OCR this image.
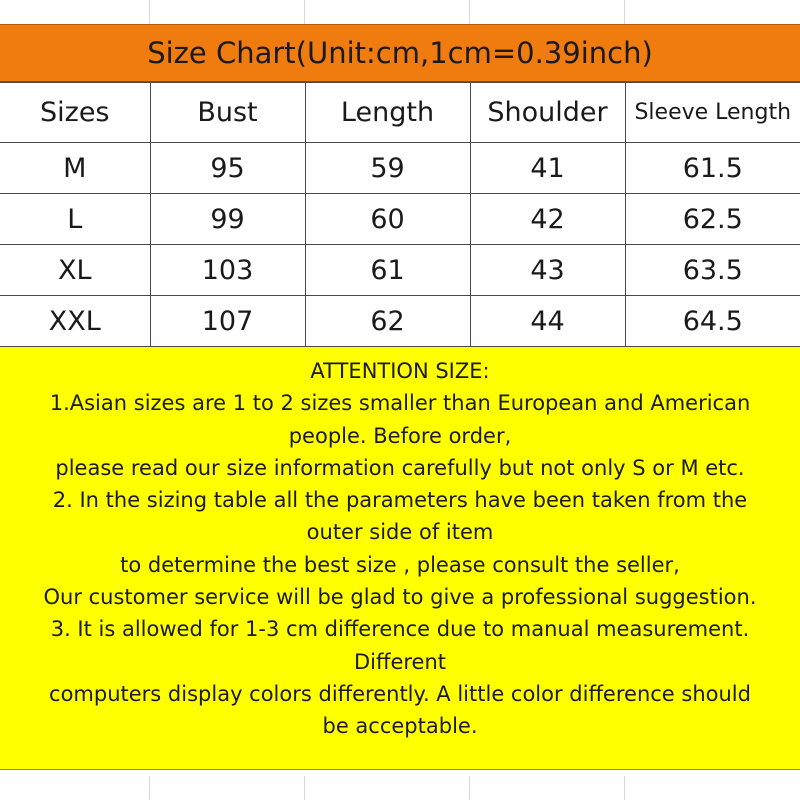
Size Chart(Unit:cm,1cm=0.39inch)
Sizes	Bust	Length	Shoulder	Sleeve Length
M	95	59	41	61.5
L	99	60	42	62.5
XL	103	61	43	63.5
XXL	107	62	44	64.5
ATTENTION SIZE:
1.Asian sizes are 1 to 2 sizes smaller than European and American
people. Before order,
please read our size information carefully but not only S or M etc.
2. In the sizing table all the parameters have been taken from the
outer side of item
to determine the best size , please consult the seller,
Our customer service will be glad to give a professional suggestion.
3. It is allowed for 1-3 cm difference due to manual measurement.
Different
computers display colors differently. A little color difference should
be acceptable.
